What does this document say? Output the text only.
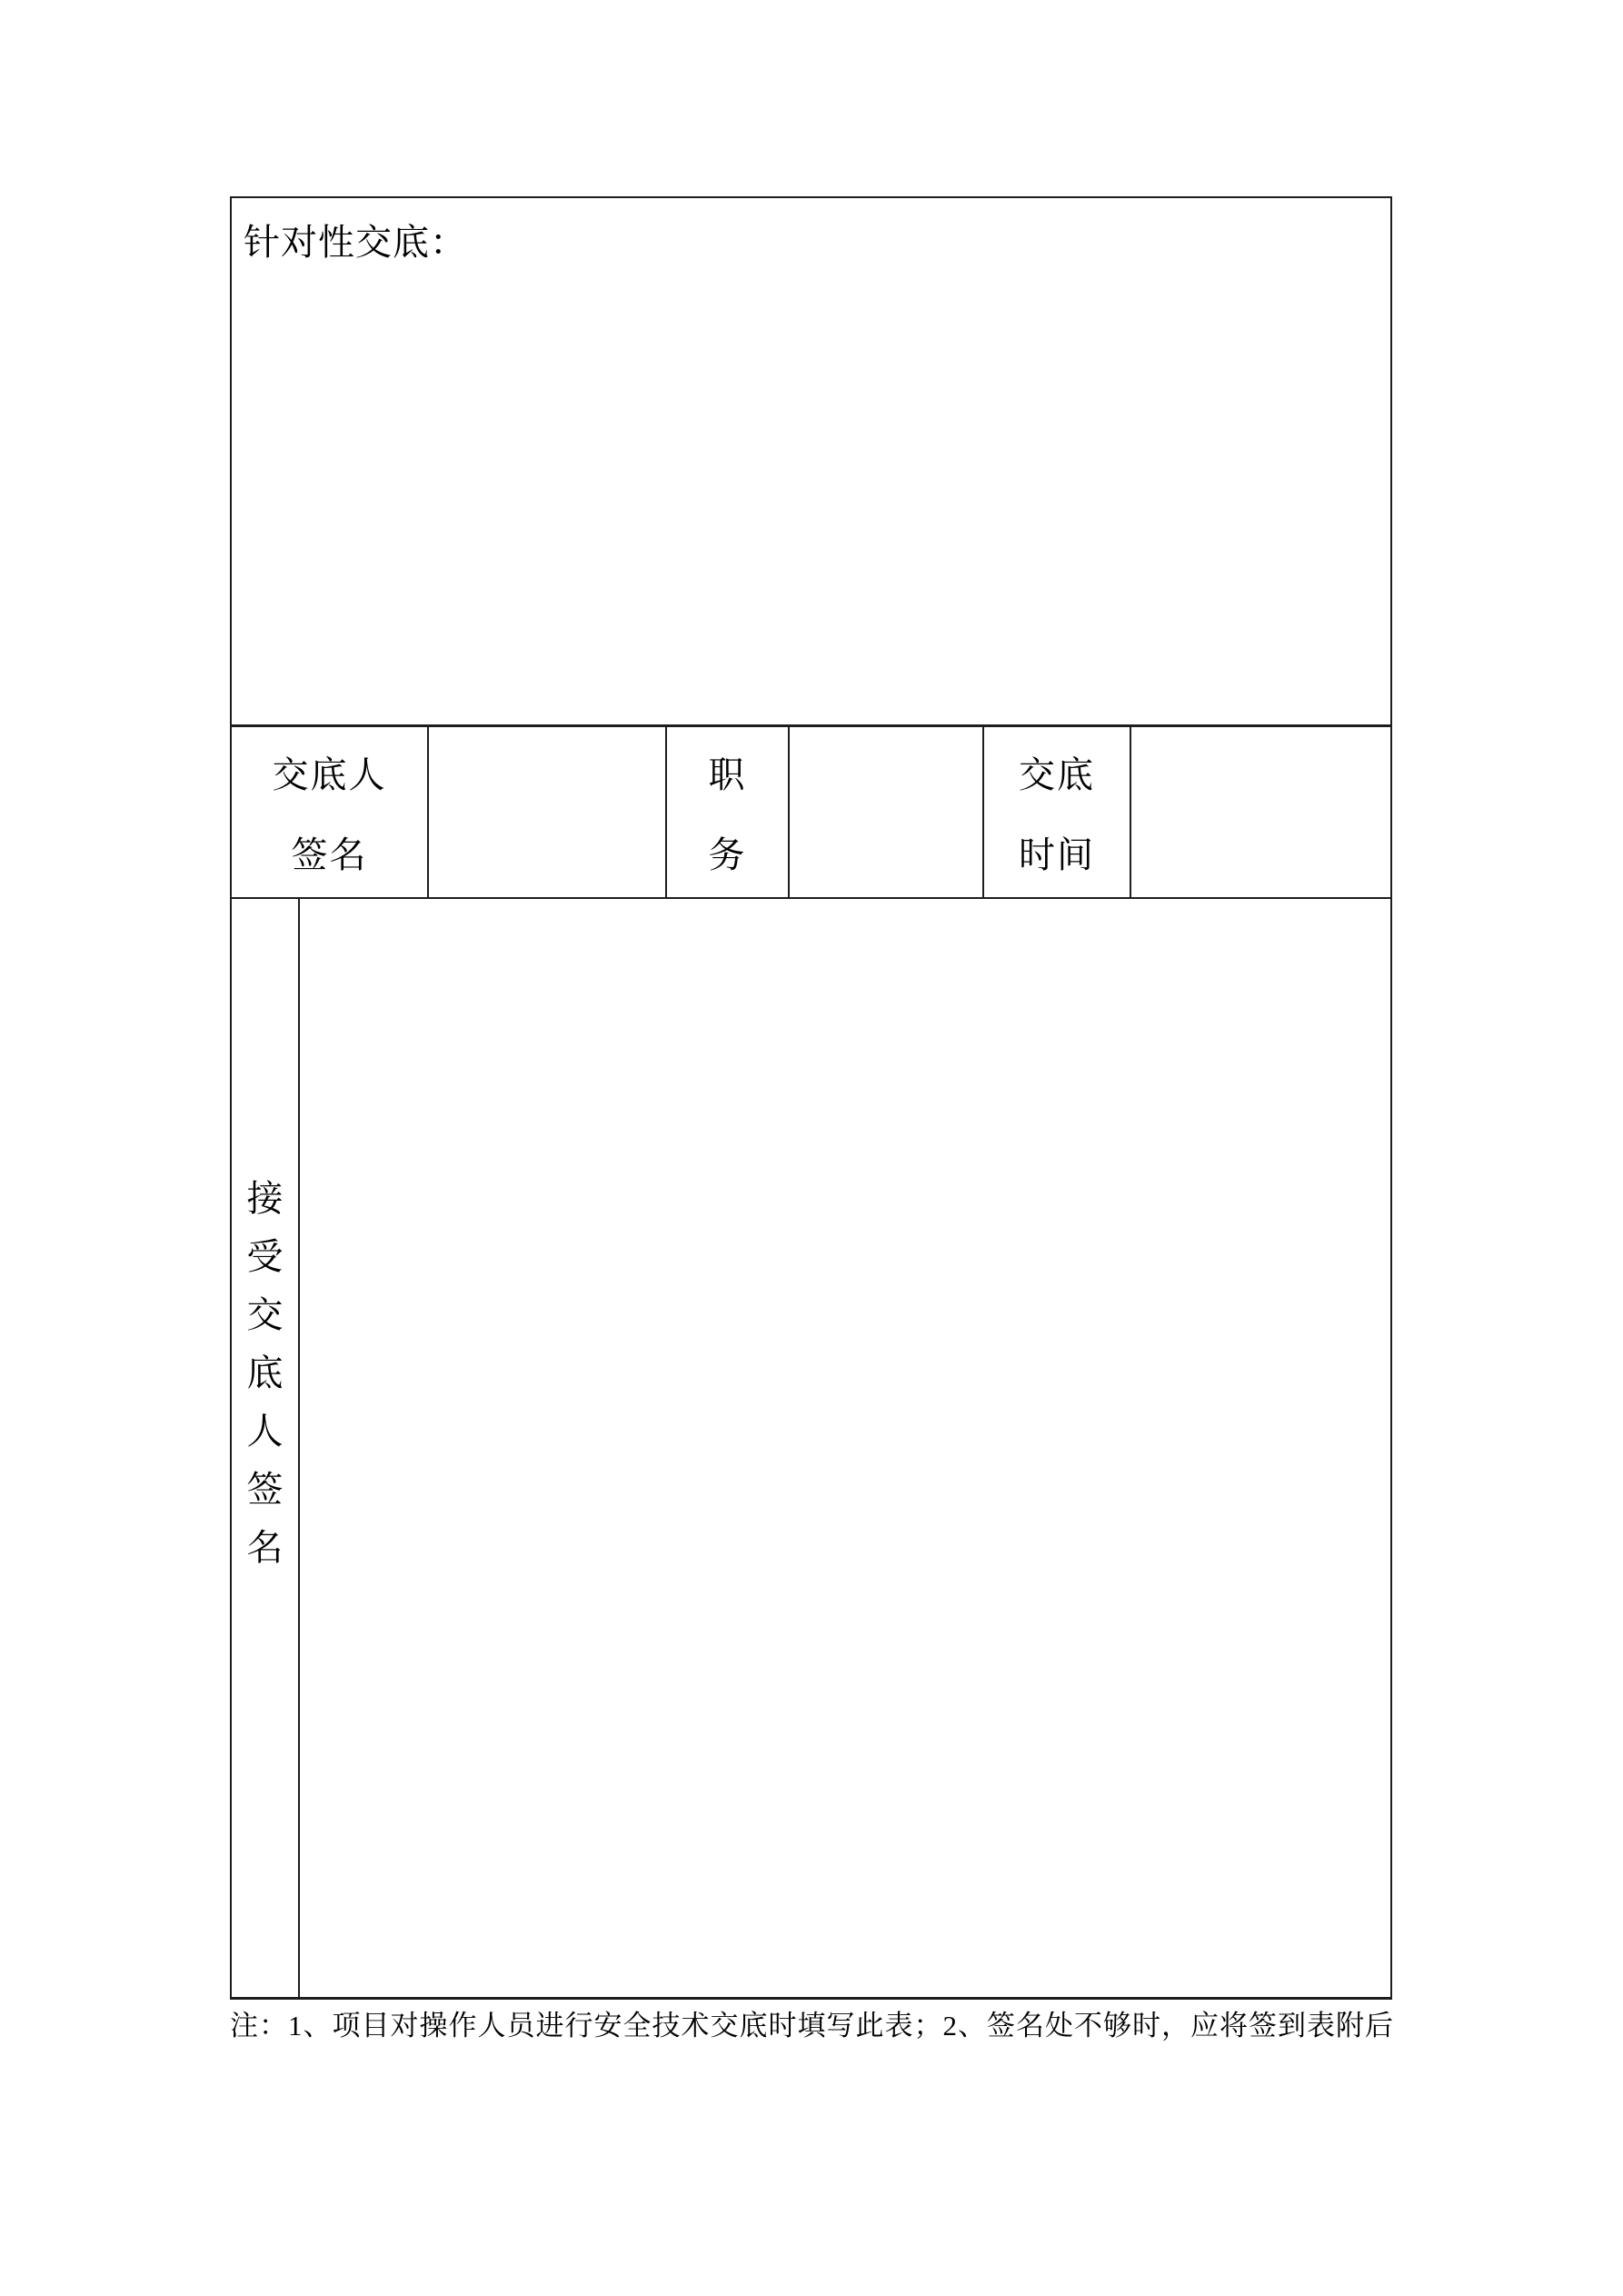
针对性交底：
交底人
签名
职
务
交底
时间
接
受
交
底
人
签
名
注：1、项目对操作人员进行安全技术交底时填写此表；2、签名处不够时，应将签到表附后
